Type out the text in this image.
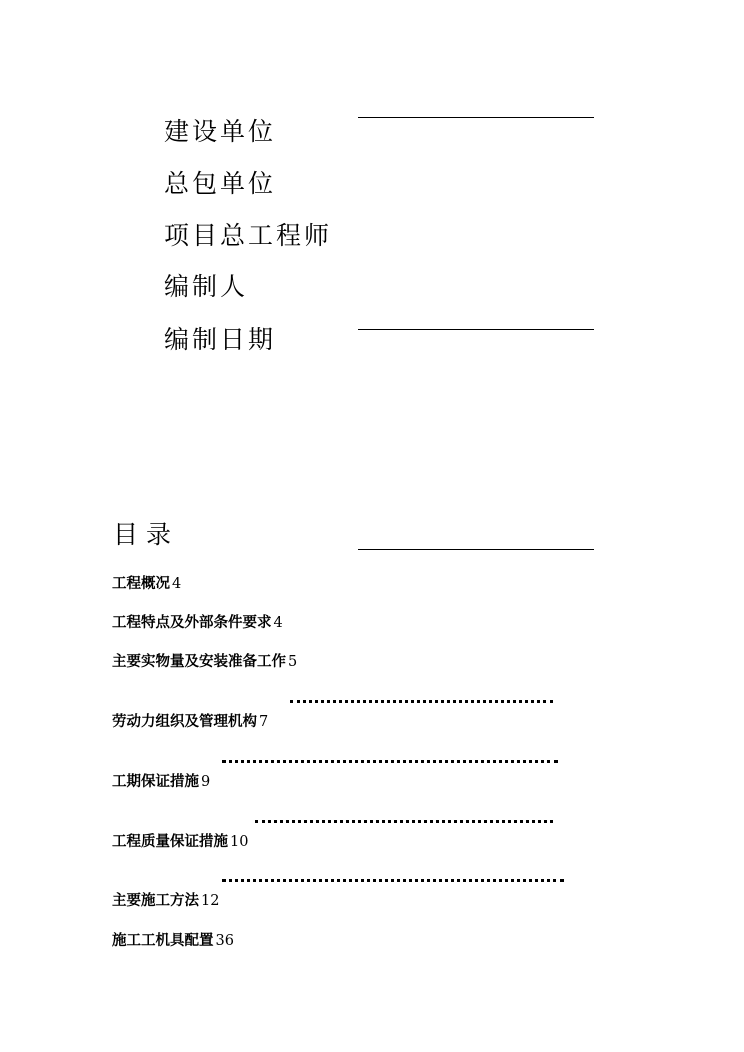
建设单位
总包单位
项目总工程师
编制人
编制日期
目录
工程概况 4
工程特点及外部条件要求 4
主要实物量及安装准备工作 5
劳动力组织及管理机构 7
工期保证措施 9
工程质量保证措施 10
主要施工方法 12
施工工机具配置 36
